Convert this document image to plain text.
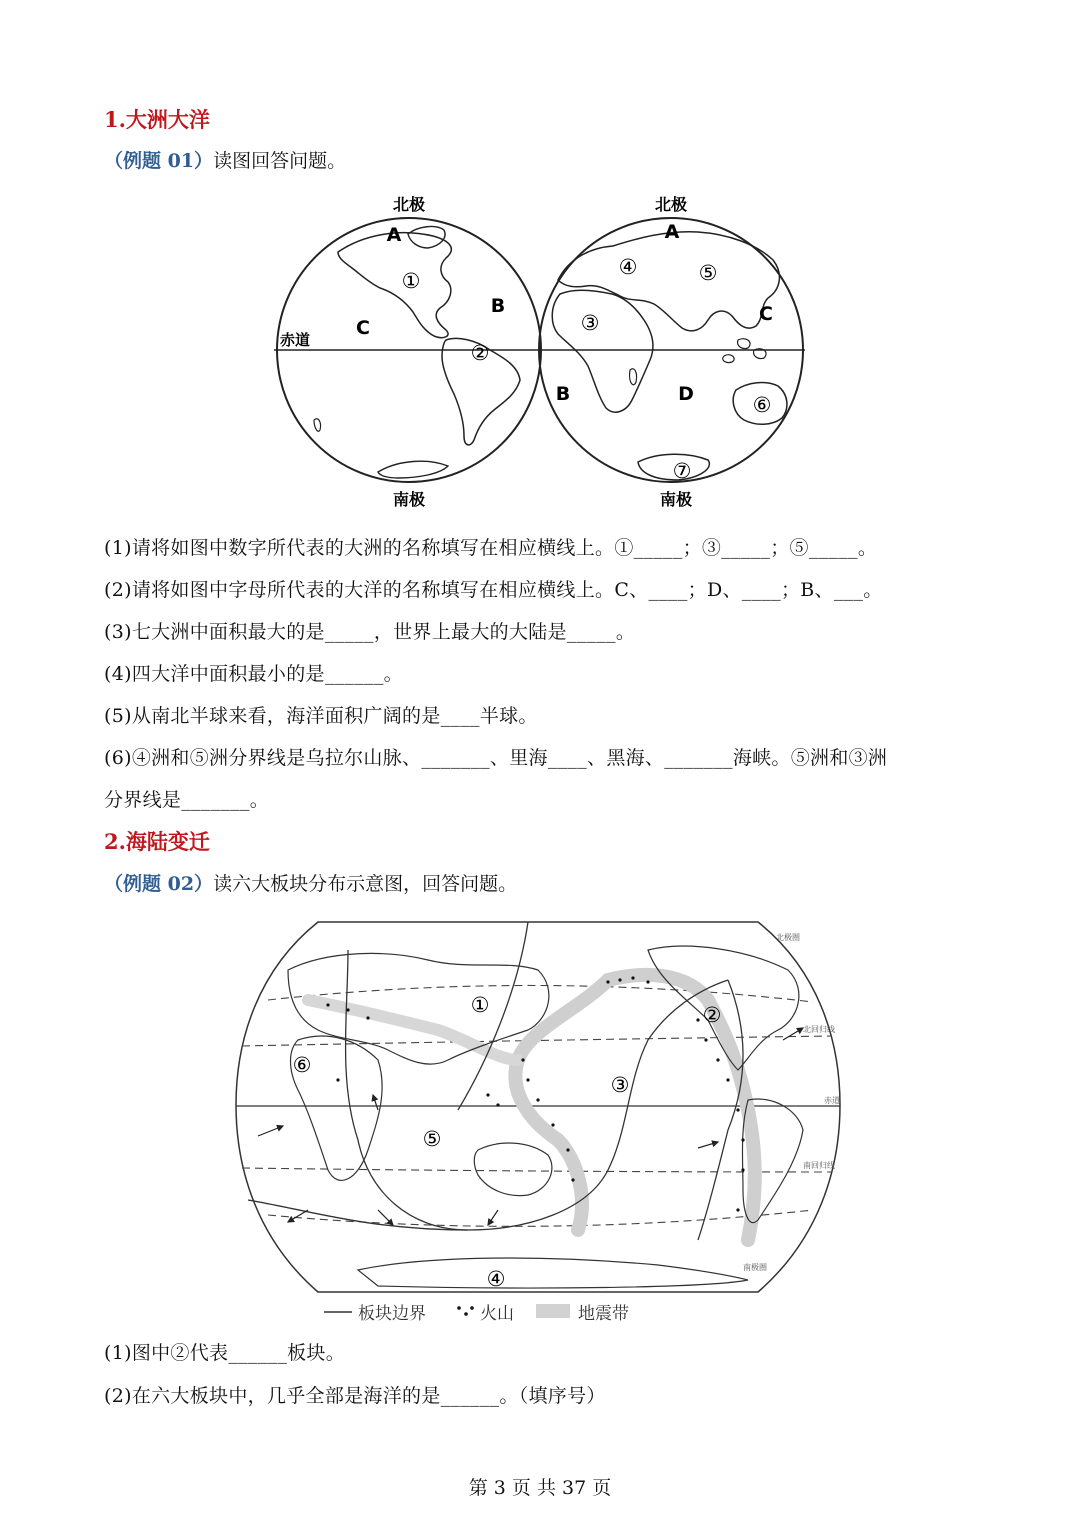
1.大洲大洋
（例题 01）读图回答问题。
北极	北极
南极	南极
赤道
A
B
C
①
②
A
B
C
D
③
④	⑤
⑥
⑦
(1)请将如图中数字所代表的大洲的名称填写在相应横线上。①_____；③_____；⑤_____。
(2)请将如图中字母所代表的大洋的名称填写在相应横线上。C、____；D、____；B、___。
(3)七大洲中面积最大的是_____，世界上最大的大陆是_____。
(4)四大洋中面积最小的是______。
(5)从南北半球来看，海洋面积广阔的是____半球。
(6)④洲和⑤洲分界线是乌拉尔山脉、_______、里海____、黑海、_______海峡。⑤洲和③洲
分界线是_______。
2.海陆变迁
（例题 02）读六大板块分布示意图，回答问题。
①	②
③
④
⑤
⑥
北回归线
赤道
南回归线
北极圈
南极圈
板块边界	火山	地震带
(1)图中②代表______板块。
(2)在六大板块中，几乎全部是海洋的是______。（填序号）
第 3 页 共 37 页
